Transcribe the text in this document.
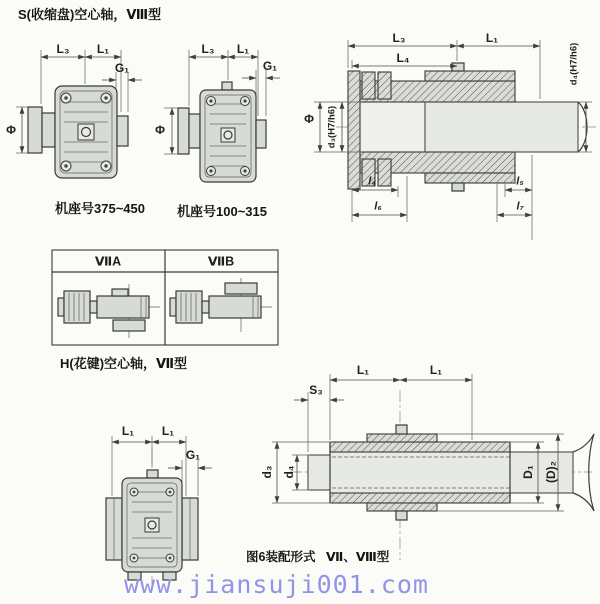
S(收缩盘)空心轴，Ⅷ型
L₃ L₁
G₁
Φ
机座号375~450
L₃ L₁
G₁
Φ
机座号100~315
L₃	L₁
L₄	d₄(H7/h6)
Φ d₃(H7/h6)
l₄
l₆
l₅
l₇
ⅦA	ⅦB
H(花键)空心轴，Ⅶ型
L₁ L₁
G₁
L₁	L₁
S₃
d₃ d₄	D₁ (D)₂
图6装配形式 Ⅶ、Ⅷ型
www.jiansuji001.com
